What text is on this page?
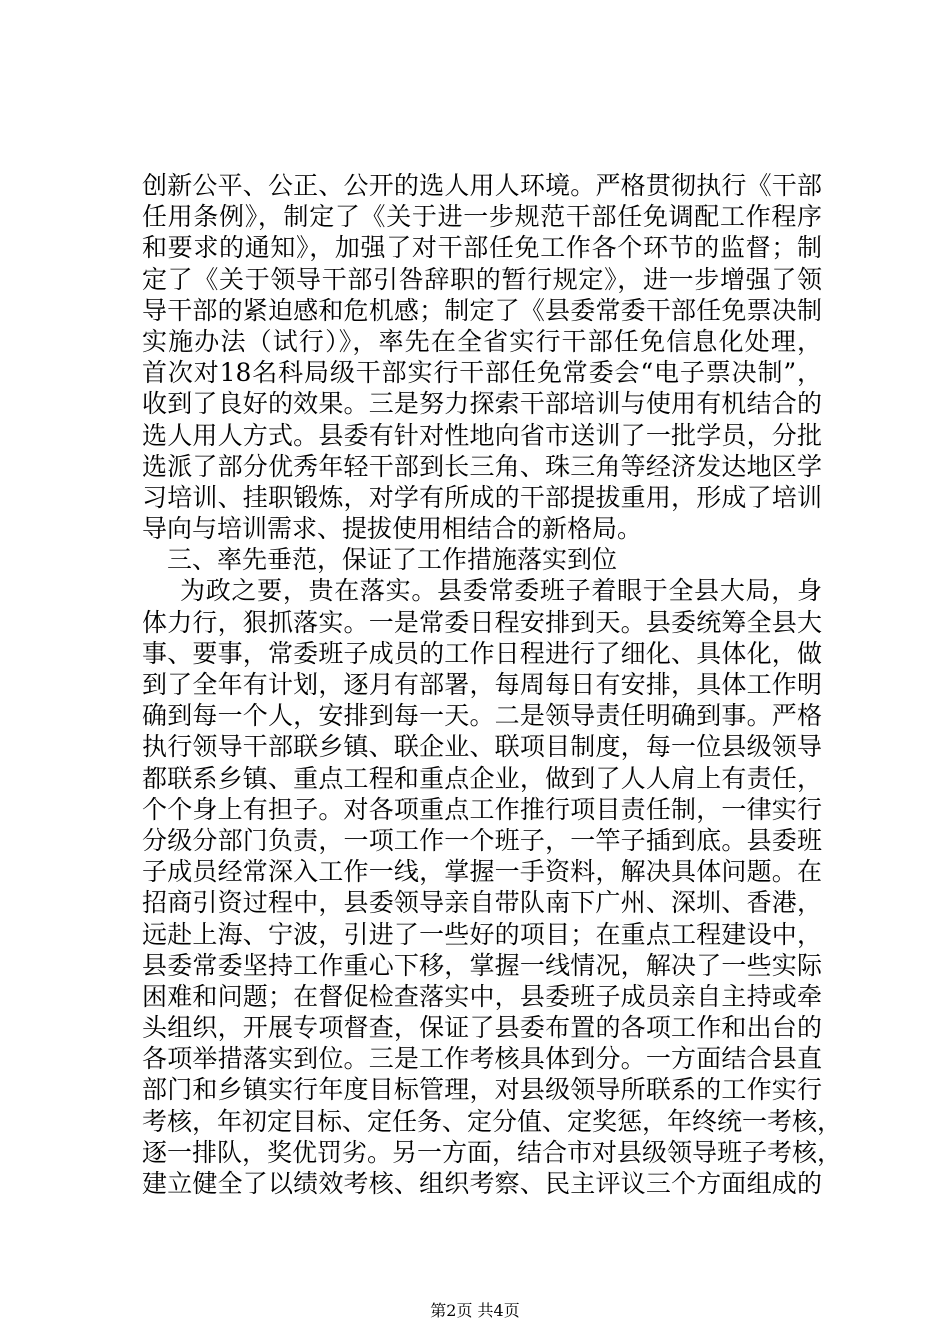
创新公平、公正、公开的选人用人环境。严格贯彻执行《干部
任用条例》，制定了《关于进一步规范干部任免调配工作程序
和要求的通知》，加强了对干部任免工作各个环节的监督；制
定了《关于领导干部引咎辞职的暂行规定》，进一步增强了领
导干部的紧迫感和危机感；制定了《县委常委干部任免票决制
实施办法（试行）》，率先在全省实行干部任免信息化处理，
首次对18名科局级干部实行干部任免常委会“电子票决制”，
收到了良好的效果。三是努力探索干部培训与使用有机结合的
选人用人方式。县委有针对性地向省市送训了一批学员，分批
选派了部分优秀年轻干部到长三角、珠三角等经济发达地区学
习培训、挂职锻炼，对学有所成的干部提拔重用，形成了培训
导向与培训需求、提拔使用相结合的新格局。
三、率先垂范，保证了工作措施落实到位
为政之要，贵在落实。县委常委班子着眼于全县大局，身
体力行，狠抓落实。一是常委日程安排到天。县委统筹全县大
事、要事，常委班子成员的工作日程进行了细化、具体化，做
到了全年有计划，逐月有部署，每周每日有安排，具体工作明
确到每一个人，安排到每一天。二是领导责任明确到事。严格
执行领导干部联乡镇、联企业、联项目制度，每一位县级领导
都联系乡镇、重点工程和重点企业，做到了人人肩上有责任，
个个身上有担子。对各项重点工作推行项目责任制，一律实行
分级分部门负责，一项工作一个班子，一竿子插到底。县委班
子成员经常深入工作一线，掌握一手资料，解决具体问题。在
招商引资过程中，县委领导亲自带队南下广州、深圳、香港，
远赴上海、宁波，引进了一些好的项目；在重点工程建设中，
县委常委坚持工作重心下移，掌握一线情况，解决了一些实际
困难和问题；在督促检查落实中，县委班子成员亲自主持或牵
头组织，开展专项督查，保证了县委布置的各项工作和出台的
各项举措落实到位。三是工作考核具体到分。一方面结合县直
部门和乡镇实行年度目标管理，对县级领导所联系的工作实行
考核，年初定目标、定任务、定分值、定奖惩，年终统一考核，
逐一排队，奖优罚劣。另一方面，结合市对县级领导班子考核，
建立健全了以绩效考核、组织考察、民主评议三个方面组成的
第2页 共4页
